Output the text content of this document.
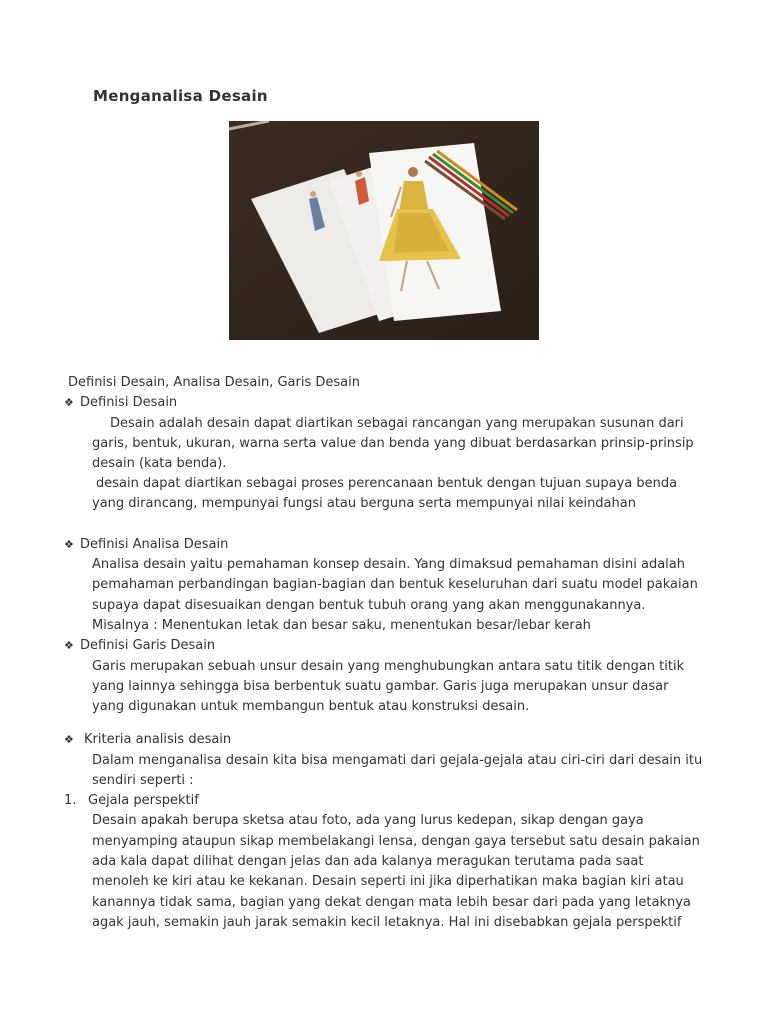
Menganalisa Desain
Definisi Desain, Analisa Desain, Garis Desain
❖ Definisi Desain
Desain adalah desain dapat diartikan sebagai rancangan yang merupakan susunan dari
garis, bentuk, ukuran, warna serta value dan benda yang dibuat berdasarkan prinsip-prinsip
desain (kata benda).
desain dapat diartikan sebagai proses perencanaan bentuk dengan tujuan supaya benda
yang dirancang, mempunyai fungsi atau berguna serta mempunyai nilai keindahan
❖ Definisi Analisa Desain
Analisa desain yaitu pemahaman konsep desain. Yang dimaksud pemahaman disini adalah
pemahaman perbandingan bagian-bagian dan bentuk keseluruhan dari suatu model pakaian
supaya dapat disesuaikan dengan bentuk tubuh orang yang akan menggunakannya.
Misalnya : Menentukan letak dan besar saku, menentukan besar/lebar kerah
❖ Definisi Garis Desain
Garis merupakan sebuah unsur desain yang menghubungkan antara satu titik dengan titik
yang lainnya sehingga bisa berbentuk suatu gambar. Garis juga merupakan unsur dasar
yang digunakan untuk membangun bentuk atau konstruksi desain.
❖ Kriteria analisis desain
Dalam menganalisa desain kita bisa mengamati dari gejala-gejala atau ciri-ciri dari desain itu
sendiri seperti :
1. Gejala perspektif
Desain apakah berupa sketsa atau foto, ada yang lurus kedepan, sikap dengan gaya
menyamping ataupun sikap membelakangi lensa, dengan gaya tersebut satu desain pakaian
ada kala dapat dilihat dengan jelas dan ada kalanya meragukan terutama pada saat
menoleh ke kiri atau ke kekanan. Desain seperti ini jika diperhatikan maka bagian kiri atau
kanannya tidak sama, bagian yang dekat dengan mata lebih besar dari pada yang letaknya
agak jauh, semakin jauh jarak semakin kecil letaknya. Hal ini disebabkan gejala perspektif
